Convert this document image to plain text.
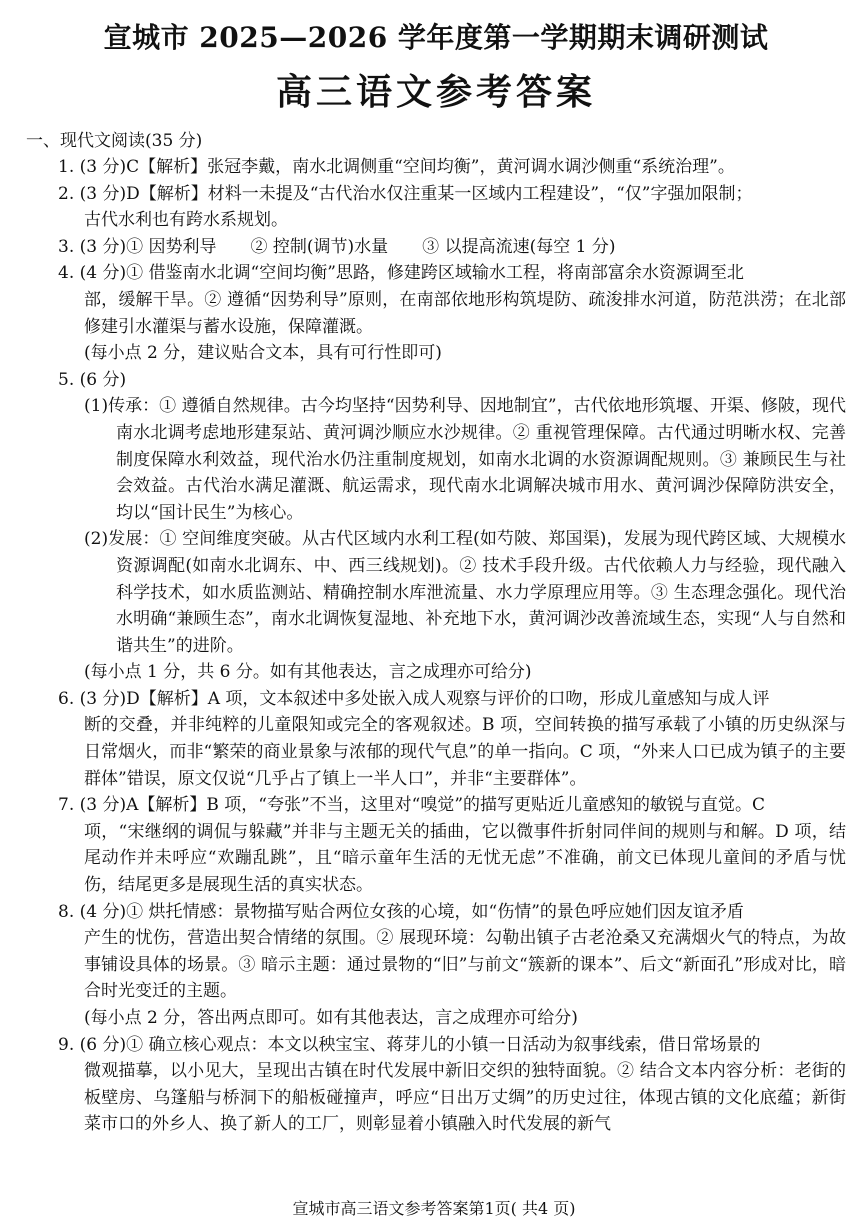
宣城市 2025—2026 学年度第一学期期末调研测试
高三语文参考答案

一、现代文阅读(35 分)

1. (3 分)C【解析】张冠李戴，南水北调侧重“空间均衡”，黄河调水调沙侧重“系统治理”。

2. (3 分)D【解析】材料一未提及“古代治水仅注重某一区域内工程建设”，“仅”字强加限制；

古代水利也有跨水系规划。

3. (3 分)① 因势利导　　② 控制(调节)水量　　③ 以提高流速(每空 1 分)

4. (4 分)① 借鉴南水北调“空间均衡”思路，修建跨区域输水工程，将南部富余水资源调至北

部，缓解干旱。② 遵循“因势利导”原则，在南部依地形构筑堤防、疏浚排水河道，防范洪涝；在北部修建引水灌渠与蓄水设施，保障灌溉。

(每小点 2 分，建议贴合文本，具有可行性即可)

5. (6 分)

(1)传承：① 遵循自然规律。古今均坚持“因势利导、因地制宜”，古代依地形筑堰、开渠、修陂，现代南水北调考虑地形建泵站、黄河调沙顺应水沙规律。② 重视管理保障。古代通过明晰水权、完善制度保障水利效益，现代治水仍注重制度规划，如南水北调的水资源调配规则。③ 兼顾民生与社会效益。古代治水满足灌溉、航运需求，现代南水北调解决城市用水、黄河调沙保障防洪安全，均以“国计民生”为核心。

(2)发展：① 空间维度突破。从古代区域内水利工程(如芍陂、郑国渠)，发展为现代跨区域、大规模水资源调配(如南水北调东、中、西三线规划)。② 技术手段升级。古代依赖人力与经验，现代融入科学技术，如水质监测站、精确控制水库泄流量、水力学原理应用等。③ 生态理念强化。现代治水明确“兼顾生态”，南水北调恢复湿地、补充地下水，黄河调沙改善流域生态，实现“人与自然和谐共生”的进阶。

(每小点 1 分，共 6 分。如有其他表达，言之成理亦可给分)

6. (3 分)D【解析】A 项，文本叙述中多处嵌入成人观察与评价的口吻，形成儿童感知与成人评

断的交叠，并非纯粹的儿童限知或完全的客观叙述。B 项，空间转换的描写承载了小镇的历史纵深与日常烟火，而非“繁荣的商业景象与浓郁的现代气息”的单一指向。C 项，“外来人口已成为镇子的主要群体”错误，原文仅说“几乎占了镇上一半人口”，并非“主要群体”。

7. (3 分)A【解析】B 项，“夸张”不当，这里对“嗅觉”的描写更贴近儿童感知的敏锐与直觉。C

项，“宋继纲的调侃与躲藏”并非与主题无关的插曲，它以微事件折射同伴间的规则与和解。D 项，结尾动作并未呼应“欢蹦乱跳”，且“暗示童年生活的无忧无虑”不准确，前文已体现儿童间的矛盾与忧伤，结尾更多是展现生活的真实状态。

8. (4 分)① 烘托情感：景物描写贴合两位女孩的心境，如“伤情”的景色呼应她们因友谊矛盾

产生的忧伤，营造出契合情绪的氛围。② 展现环境：勾勒出镇子古老沧桑又充满烟火气的特点，为故事铺设具体的场景。③ 暗示主题：通过景物的“旧”与前文“簇新的课本”、后文“新面孔”形成对比，暗合时光变迁的主题。

(每小点 2 分，答出两点即可。如有其他表达，言之成理亦可给分)

9. (6 分)① 确立核心观点：本文以秧宝宝、蒋芽儿的小镇一日活动为叙事线索，借日常场景的

微观描摹，以小见大，呈现出古镇在时代发展中新旧交织的独特面貌。② 结合文本内容分析：老街的板壁房、乌篷船与桥洞下的船板碰撞声，呼应“日出万丈绸”的历史过往，体现古镇的文化底蕴；新街菜市口的外乡人、换了新人的工厂，则彰显着小镇融入时代发展的新气

宣城市高三语文参考答案第1页( 共4 页)
